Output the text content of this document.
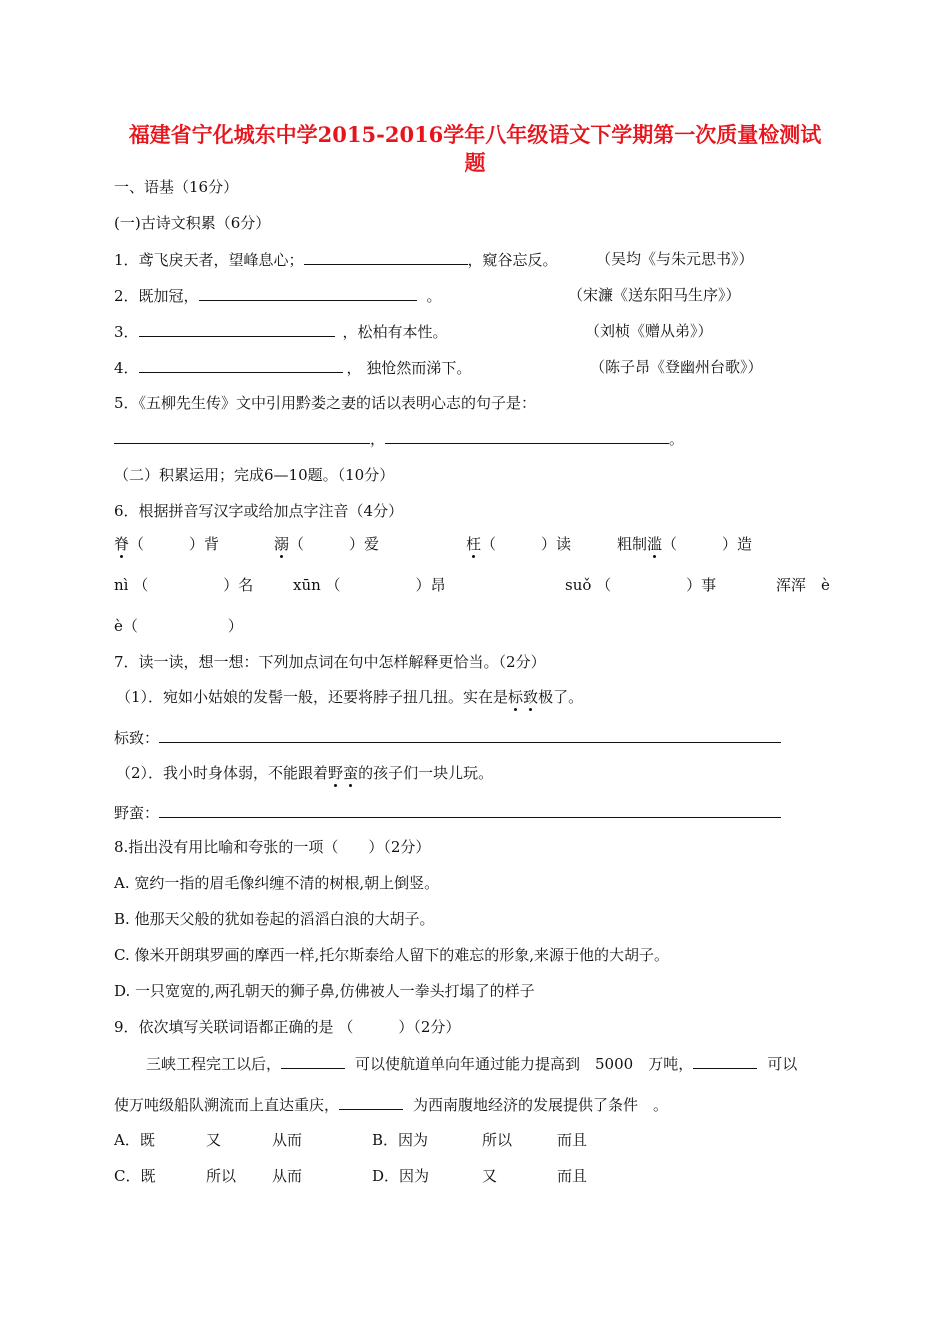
福建省宁化城东中学2015-2016学年八年级语文下学期第一次质量检测试
题
一、语基（16分）
(一)古诗文积累（6分）
1．鸢飞戾天者，望峰息心；	，窥谷忘反。	（吴均《与朱元思书》）
2．既加冠，	。	（宋濂《送东阳马生序》）
3．	，松柏有本性。	（刘桢《赠从弟》）
4．	， 独怆然而涕下。	（陈子昂《登幽州台歌》）
5．《五柳先生传》文中引用黔娄之妻的话以表明心志的句子是：
，	。
（二）积累运用；完成6—10题。（10分）
6．根据拼音写汉字或给加点字注音（4分）
脊（　　　）背	溺（　　　）爱	枉（　　　）读	粗制滥（　　　）造
nì （　　　　　）名	xūn （　　　　　）昂	suǒ （　　　　　）事	浑浑　è
è（　　　　　　）
7．读一读，想一想：下列加点词在句中怎样解释更恰当。（2分）
（1）．宛如小姑娘的发髻一般，还要将脖子扭几扭。实在是标致极了。
标致：
（2）．我小时身体弱，不能跟着野蛮的孩子们一块儿玩。
野蛮：
8.指出没有用比喻和夸张的一项（　　）（2分）
A. 宽约一指的眉毛像纠缠不清的树根,朝上倒竖。
B. 他那天父般的犹如卷起的滔滔白浪的大胡子。
C. 像米开朗琪罗画的摩西一样,托尔斯泰给人留下的难忘的形象,来源于他的大胡子。
D. 一只宽宽的,两孔朝天的狮子鼻,仿佛被人一拳头打塌了的样子
9．依次填写关联词语都正确的是 （　　　）（2分）
三峡工程完工以后，	可以使航道单向年通过能力提高到　5000　万吨，	可以
使万吨级船队溯流而上直达重庆，	为西南腹地经济的发展提供了条件　。
A．既	又	从而	B．因为	所以	而且
C．既	所以 从而	D．因为	又	而且
